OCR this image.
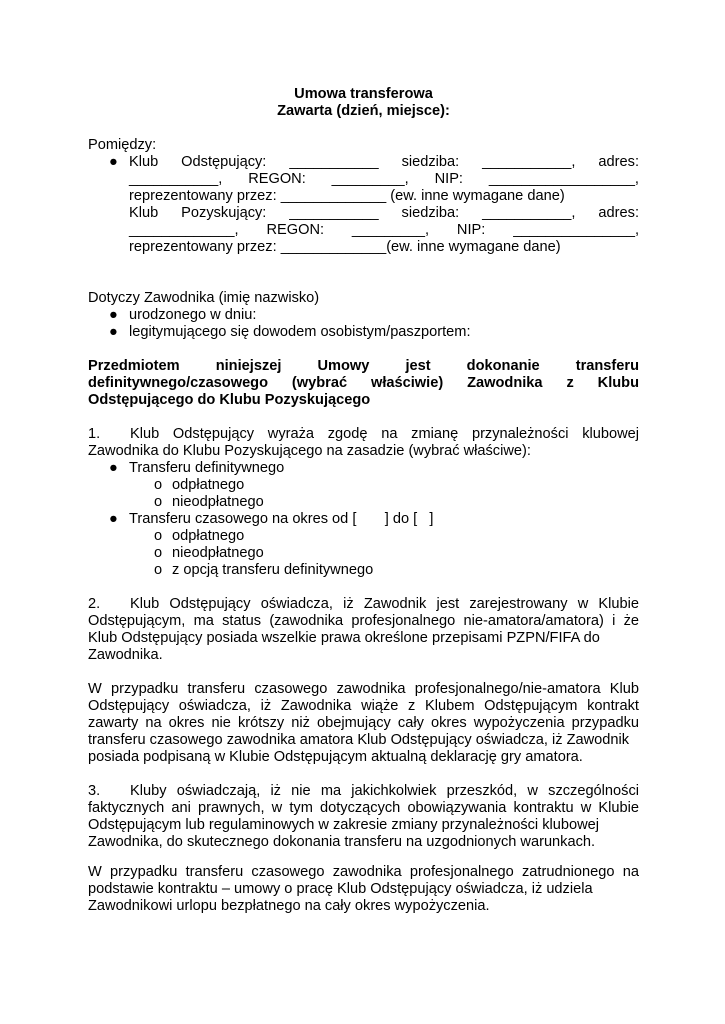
Umowa transferowa
Zawarta (dzień, miejsce):
Pomiędzy:
● Klub Odstępujący: ___________ siedziba: ___________, adres:
___________, REGON: _________, NIP: __________________,
reprezentowany przez: _____________ (ew. inne wymagane dane)
Klub Pozyskujący: ___________ siedziba: ___________, adres:
_____________, REGON: _________, NIP: _______________,
reprezentowany przez: _____________(ew. inne wymagane dane)
Dotyczy Zawodnika (imię nazwisko)
● urodzonego w dniu:
● legitymującego się dowodem osobistym/paszportem:
Przedmiotem niniejszej Umowy jest dokonanie transferu
definitywnego/czasowego (wybrać właściwie) Zawodnika z Klubu
Odstępującego do Klubu Pozyskującego
1. Klub Odstępujący wyraża zgodę na zmianę przynależności klubowej
Zawodnika do Klubu Pozyskującego na zasadzie (wybrać właściwe):
● Transferu definitywnego
o odpłatnego
o nieodpłatnego
● Transferu czasowego na okres od [       ] do [   ]
o odpłatnego
o nieodpłatnego
o z opcją transferu definitywnego
2. Klub Odstępujący oświadcza, iż Zawodnik jest zarejestrowany w Klubie Odstępującym, ma status (zawodnika profesjonalnego nie-amatora/amatora) i że Klub Odstępujący posiada wszelkie prawa określone przepisami PZPN/FIFA do
Zawodnika.
W przypadku transferu czasowego zawodnika profesjonalnego/nie-amatora Klub Odstępujący oświadcza, iż Zawodnika wiąże z Klubem Odstępującym kontrakt zawarty na okres nie krótszy niż obejmujący cały okres wypożyczenia przypadku transferu czasowego zawodnika amatora Klub Odstępujący oświadcza, iż Zawodnik
posiada podpisaną w Klubie Odstępującym aktualną deklarację gry amatora.
3. Kluby oświadczają, iż nie ma jakichkolwiek przeszkód, w szczególności faktycznych ani prawnych, w tym dotyczących obowiązywania kontraktu w Klubie Odstępującym lub regulaminowych w zakresie zmiany przynależności klubowej
Zawodnika, do skutecznego dokonania transferu na uzgodnionych warunkach.
W przypadku transferu czasowego zawodnika profesjonalnego zatrudnionego na podstawie kontraktu – umowy o pracę Klub Odstępujący oświadcza, iż udziela
Zawodnikowi urlopu bezpłatnego na cały okres wypożyczenia.
